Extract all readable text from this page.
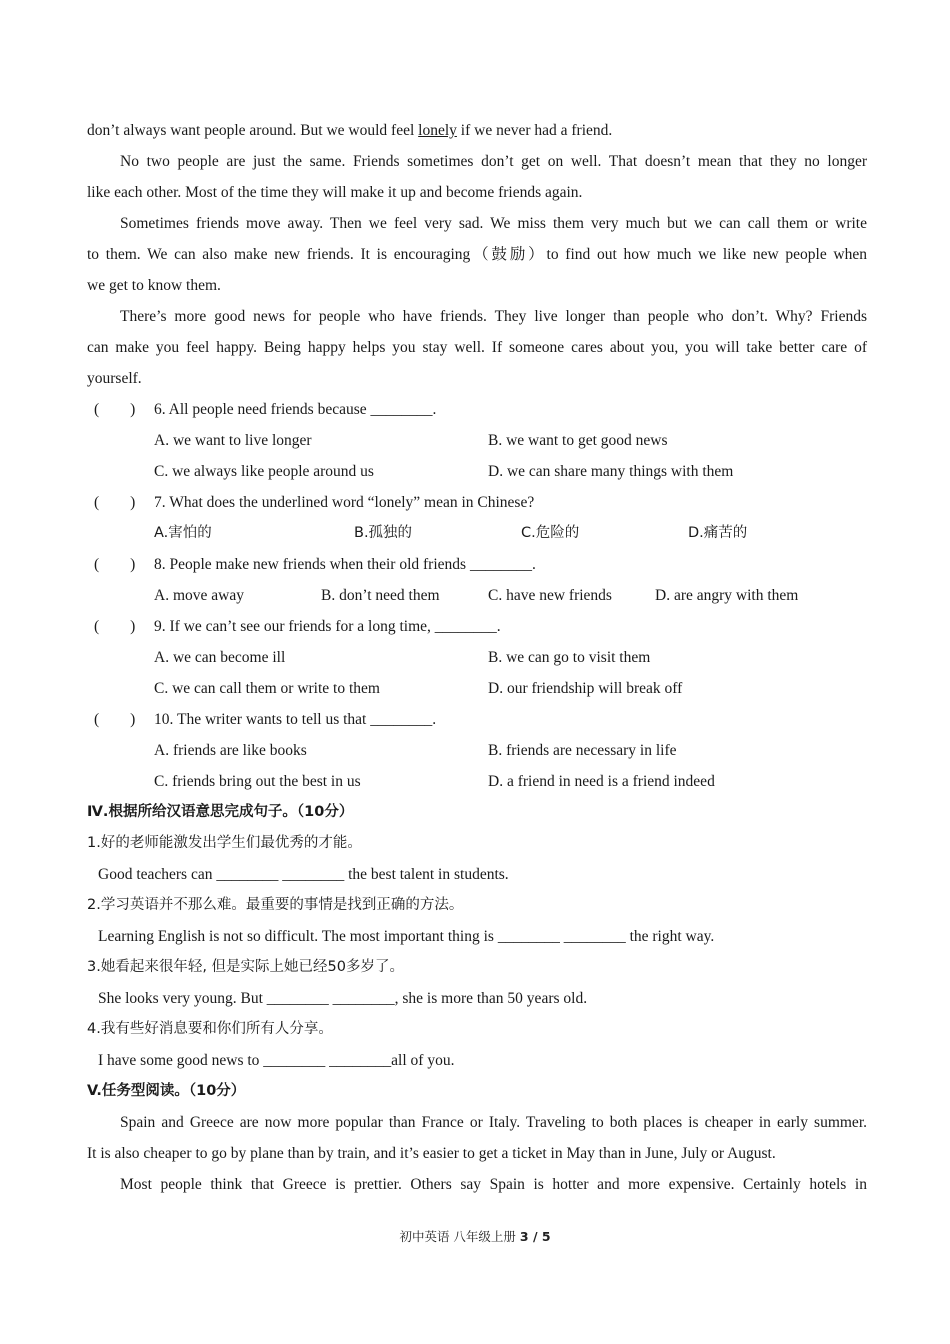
don’t always want people around. But we would feel lonely if we never had a friend.
No two people are just the same. Friends sometimes don’t get on well. That doesn’t mean that they no longer
like each other. Most of the time they will make it up and become friends again.
Sometimes friends move away. Then we feel very sad. We miss them very much but we can call them or write
to them. We can also make new friends. It is encouraging（鼓励）to find out how much we like new people when
we get to know them.
There’s more good news for people who have friends. They live longer than people who don’t. Why? Friends
can make you feel happy. Being happy helps you stay well. If someone cares about you, you will take better care of
yourself.
(　　)	6. All people need friends because ________.
A. we want to live longer	B. we want to get good news
C. we always like people around us	D. we can share many things with them
(　　)	7. What does the underlined word “lonely” mean in Chinese?
A.害怕的	B.孤独的	C.危险的	D.痛苦的
(　　)	8. People make new friends when their old friends ________.
A. move away	B. don’t need them	C. have new friends	D. are angry with them
(　　)	9. If we can’t see our friends for a long time, ________.
A. we can become ill	B. we can go to visit them
C. we can call them or write to them	D. our friendship will break off
(　　)	10. The writer wants to tell us that ________.
A. friends are like books	B. friends are necessary in life
C. friends bring out the best in us	D. a friend in need is a friend indeed
Ⅳ.根据所给汉语意思完成句子。（10分）
1.好的老师能激发出学生们最优秀的才能。
Good teachers can ________ ________ the best talent in students.
2.学习英语并不那么难。最重要的事情是找到正确的方法。
Learning English is not so difficult. The most important thing is ________ ________ the right way.
3.她看起来很年轻, 但是实际上她已经50多岁了。
She looks very young. But ________ ________, she is more than 50 years old.
4.我有些好消息要和你们所有人分享。
I have some good news to ________ ________all of you.
V.任务型阅读。（10分）
Spain and Greece are now more popular than France or Italy. Traveling to both places is cheaper in early summer.
It is also cheaper to go by plane than by train, and it’s easier to get a ticket in May than in June, July or August.
Most people think that Greece is prettier. Others say Spain is hotter and more expensive. Certainly hotels in
初中英语 八年级上册 3 / 5
